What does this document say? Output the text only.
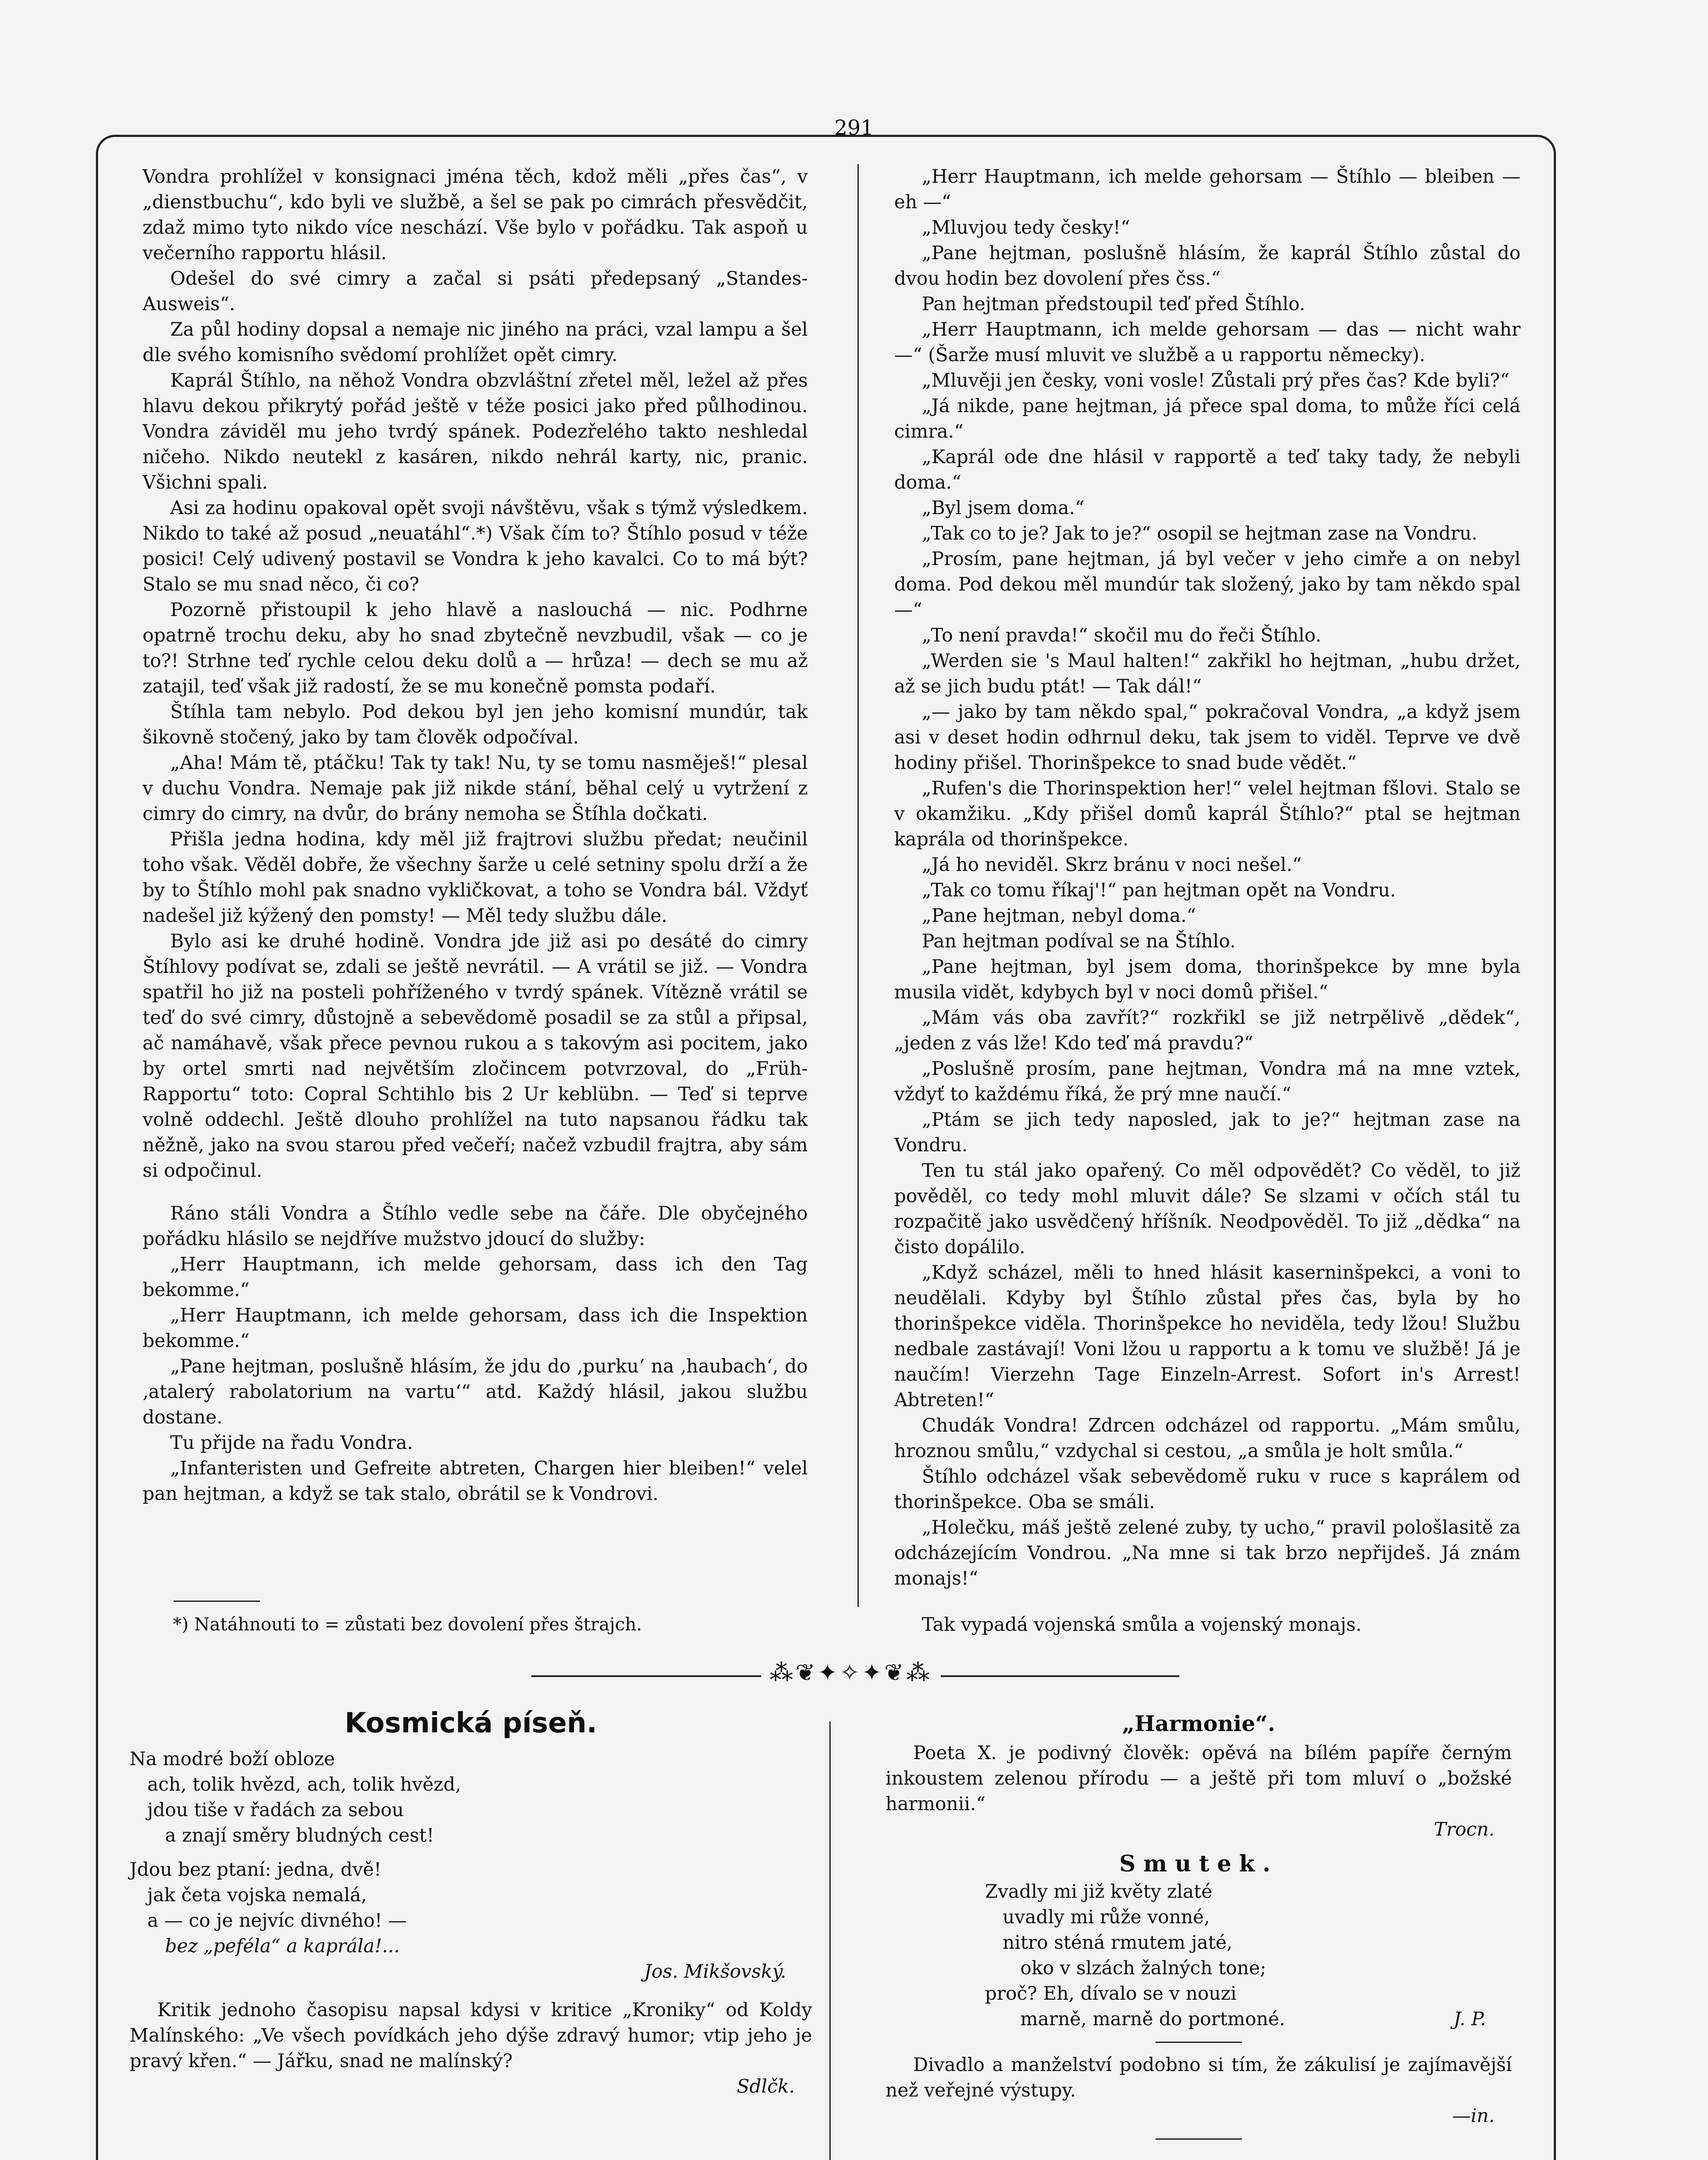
291

Vondra prohlížel v konsignaci jména těch, kdož měli „přes čas“, v „dienstbuchu“, kdo byli ve službě, a šel se pak po cimrách přesvědčit, zdaž mimo tyto nikdo více neschází. Vše bylo v pořádku. Tak aspoň u večerního rapportu hlásil.

Odešel do své cimry a začal si psáti předepsaný „Standes-Ausweis“.

Za půl hodiny dopsal a nemaje nic jiného na práci, vzal lampu a šel dle svého komisního svědomí prohlížet opět cimry.

Kaprál Štíhlo, na něhož Vondra obzvláštní zřetel měl, ležel až přes hlavu dekou přikrytý pořád ještě v téže posici jako před půlhodinou. Vondra záviděl mu jeho tvrdý spánek. Podezřelého takto neshledal ničeho. Nikdo neutekl z kasáren, nikdo nehrál karty, nic, pranic. Všichni spali.

Asi za hodinu opakoval opět svoji návštěvu, však s týmž výsledkem. Nikdo to také až posud „neuatáhl“.*) Však čím to? Štíhlo posud v téže posici! Celý udivený postavil se Vondra k jeho kavalci. Co to má být? Stalo se mu snad něco, či co?

Pozorně přistoupil k jeho hlavě a naslouchá — nic. Podhrne opatrně trochu deku, aby ho snad zbytečně nevzbudil, však — co je to?! Strhne teď rychle celou deku dolů a — hrůza! — dech se mu až zatajil, teď však již radostí, že se mu konečně pomsta podaří.

Štíhla tam nebylo. Pod dekou byl jen jeho komisní mundúr, tak šikovně stočený, jako by tam člověk odpočíval.

„Aha! Mám tě, ptáčku! Tak ty tak! Nu, ty se tomu nasměješ!“ plesal v duchu Vondra. Nemaje pak již nikde stání, běhal celý u vytržení z cimry do cimry, na dvůr, do brány nemoha se Štíhla dočkati.

Přišla jedna hodina, kdy měl již frajtrovi službu předat; neučinil toho však. Věděl dobře, že všechny šarže u celé setniny spolu drží a že by to Štíhlo mohl pak snadno vykličkovat, a toho se Vondra bál. Vždyť nadešel již kýžený den pomsty! — Měl tedy službu dále.

Bylo asi ke druhé hodině. Vondra jde již asi po desáté do cimry Štíhlovy podívat se, zdali se ještě nevrátil. — A vrátil se již. — Vondra spatřil ho již na posteli pohříženého v tvrdý spánek. Vítězně vrátil se teď do své cimry, důstojně a sebevědomě posadil se za stůl a připsal, ač namáhavě, však přece pevnou rukou a s takovým asi pocitem, jako by ortel smrti nad největším zločincem potvrzoval, do „Früh-Rapportu“ toto: Copral Schtihlo bis 2 Ur keblübn. — Teď si teprve volně oddechl. Ještě dlouho prohlížel na tuto napsanou řádku tak něžně, jako na svou starou před večeří; načež vzbudil frajtra, aby sám si odpočinul.

Ráno stáli Vondra a Štíhlo vedle sebe na čáře. Dle obyčejného pořádku hlásilo se nejdříve mužstvo jdoucí do služby:

„Herr Hauptmann, ich melde gehorsam, dass ich den Tag bekomme.“

„Herr Hauptmann, ich melde gehorsam, dass ich die Inspektion bekomme.“

„Pane hejtman, poslušně hlásím, že jdu do ‚purku‘ na ‚haubach‘, do ‚atalerý rabolatorium na vartu‘“ atd. Každý hlásil, jakou službu dostane.

Tu přijde na řadu Vondra.

„Infanteristen und Gefreite abtreten, Chargen hier bleiben!“ velel pan hejtman, a když se tak stalo, obrátil se k Vondrovi.

*) Natáhnouti to = zůstati bez dovolení přes štrajch.

„Herr Hauptmann, ich melde gehorsam — Štíhlo — bleiben — eh —“

„Mluvjou tedy česky!“

„Pane hejtman, poslušně hlásím, že kaprál Štíhlo zůstal do dvou hodin bez dovolení přes čss.“

Pan hejtman předstoupil teď před Štíhlo.

„Herr Hauptmann, ich melde gehorsam — das — nicht wahr —“ (Šarže musí mluvit ve službě a u rapportu německy).

„Mluvěji jen česky, voni vosle! Zůstali prý přes čas? Kde byli?“

„Já nikde, pane hejtman, já přece spal doma, to může říci celá cimra.“

„Kaprál ode dne hlásil v rapportě a teď taky tady, že nebyli doma.“

„Byl jsem doma.“

„Tak co to je? Jak to je?“ osopil se hejtman zase na Vondru.

„Prosím, pane hejtman, já byl večer v jeho cimře a on nebyl doma. Pod dekou měl mundúr tak složený, jako by tam někdo spal —“

„To není pravda!“ skočil mu do řeči Štíhlo.

„Werden sie 's Maul halten!“ zakřikl ho hejtman, „hubu držet, až se jich budu ptát! — Tak dál!“

„— jako by tam někdo spal,“ pokračoval Vondra, „a když jsem asi v deset hodin odhrnul deku, tak jsem to viděl. Teprve ve dvě hodiny přišel. Thorinšpekce to snad bude vědět.“

„Rufen's die Thorinspektion her!“ velel hejtman fšlovi. Stalo se v okamžiku. „Kdy přišel domů kaprál Štíhlo?“ ptal se hejtman kaprála od thorinšpekce.

„Já ho neviděl. Skrz bránu v noci nešel.“

„Tak co tomu říkaj'!“ pan hejtman opět na Vondru.

„Pane hejtman, nebyl doma.“

Pan hejtman podíval se na Štíhlo.

„Pane hejtman, byl jsem doma, thorinšpekce by mne byla musila vidět, kdybych byl v noci domů přišel.“

„Mám vás oba zavřít?“ rozkřikl se již netrpělivě „dědek“, „jeden z vás lže! Kdo teď má pravdu?“

„Poslušně prosím, pane hejtman, Vondra má na mne vztek, vždyť to každému říká, že prý mne naučí.“

„Ptám se jich tedy naposled, jak to je?“ hejtman zase na Vondru.

Ten tu stál jako opařený. Co měl odpovědět? Co věděl, to již pověděl, co tedy mohl mluvit dále? Se slzami v očích stál tu rozpačitě jako usvědčený hříšník. Neodpověděl. To již „dědka“ na čisto dopálilo.

„Když scházel, měli to hned hlásit kaserninšpekci, a voni to neudělali. Kdyby byl Štíhlo zůstal přes čas, byla by ho thorinšpekce viděla. Thorinšpekce ho neviděla, tedy lžou! Službu nedbale zastávají! Voni lžou u rapportu a k tomu ve službě! Já je naučím! Vierzehn Tage Einzeln-Arrest. Sofort in's Arrest! Abtreten!“

Chudák Vondra! Zdrcen odcházel od rapportu. „Mám smůlu, hroznou smůlu,“ vzdychal si cestou, „a smůla je holt smůla.“

Štíhlo odcházel však sebevědomě ruku v ruce s kaprálem od thorinšpekce. Oba se smáli.

„Holečku, máš ještě zelené zuby, ty ucho,“ pravil pološlasitě za odcházejícím Vondrou. „Na mne si tak brzo nepřijdeš. Já znám monajs!“

Tak vypadá vojenská smůla a vojenský monajs.
⁂❦✦✧✦❦⁂
Kosmická píseň.

Na modré boží obloze

ach, tolik hvězd, ach, tolik hvězd,

jdou tiše v řadách za sebou

a znají směry bludných cest!

Jdou bez ptaní: jedna, dvě!

jak četa vojska nemalá,

a — co je nejvíc divného! —

bez „peféla“ a kaprála!...

Jos. Mikšovský.

Kritik jednoho časopisu napsal kdysi v kritice „Kroniky“ od Koldy Malínského: „Ve všech povídkách jeho dýše zdravý humor; vtip jeho je pravý křen.“ — Jářku, snad ne malínský?

Sdlčk.

„Harmonie“.

Poeta X. je podivný člověk: opěvá na bílém papíře černým inkoustem zelenou přírodu — a ještě při tom mluví o „božské harmonii.“

Trocn.

Smutek.

Zvadly mi již květy zlaté

uvadly mi růže vonné,

nitro sténá rmutem jaté,

oko v slzách žalných tone;

proč? Eh, dívalo se v nouzi

marně, marně do portmoné.	J. P.

Divadlo a manželství podobno si tím, že zákulisí je zajímavější než veřejné výstupy.

—in.
